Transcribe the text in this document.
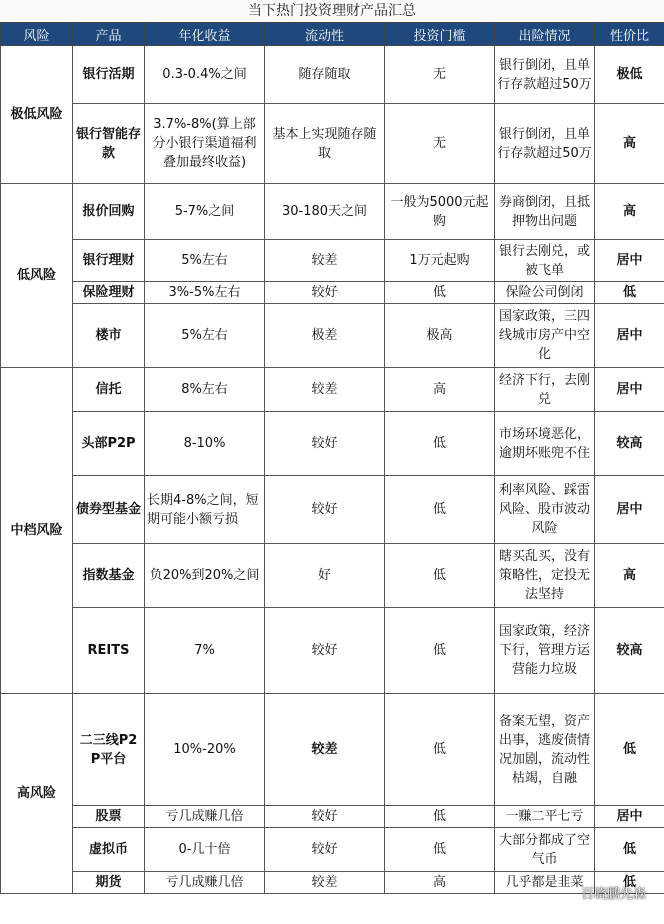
当下热门投资理财产品汇总
风险	产品	年化收益	流动性	投资门槛	出险情况	性价比
极低风险	银行活期	0.3-0.4%之间	随存随取	无	银行倒闭，且单行存款超过50万	极低
	银行智能存款	3.7%-8%(算上部分小银行渠道福利叠加最终收益)	基本上实现随存随取	无	银行倒闭，且单行存款超过50万	高
低风险	报价回购	5-7%之间	30-180天之间	一般为5000元起购	券商倒闭，且抵押物出问题	高
	银行理财	5%左右	较差	1万元起购	银行去刚兑，或被飞单	居中
	保险理财	3%-5%左右	较好	低	保险公司倒闭	低
	楼市	5%左右	极差	极高	国家政策，三四线城市房产中空化	居中
中档风险	信托	8%左右	较差	高	经济下行，去刚兑	居中
	头部P2P	8-10%	较好	低	市场环境恶化，逾期坏账兜不住	较高
	债券型基金	长期4-8%之间，短期可能小额亏损	较好	低	利率风险、踩雷风险、股市波动风险	居中
	指数基金	负20%到20%之间	好	低	瞎买乱买，没有策略性，定投无法坚持	高
	REITS	7%	较好	低	国家政策，经济下行，管理方运营能力垃圾	较高
高风险	二三线P2P平台	10%-20%	较差	低	备案无望，资产出事，逃废债情况加剧，流动性枯竭，自融	低
	股票	亏几成赚几倍	较好	低	一赚二平七亏	居中
	虚拟币	0-几十倍	较好	低	大部分都成了空气币	低
	期货	亏几成赚几倍	较差	高	几乎都是韭菜	低
百晓鹏先森
